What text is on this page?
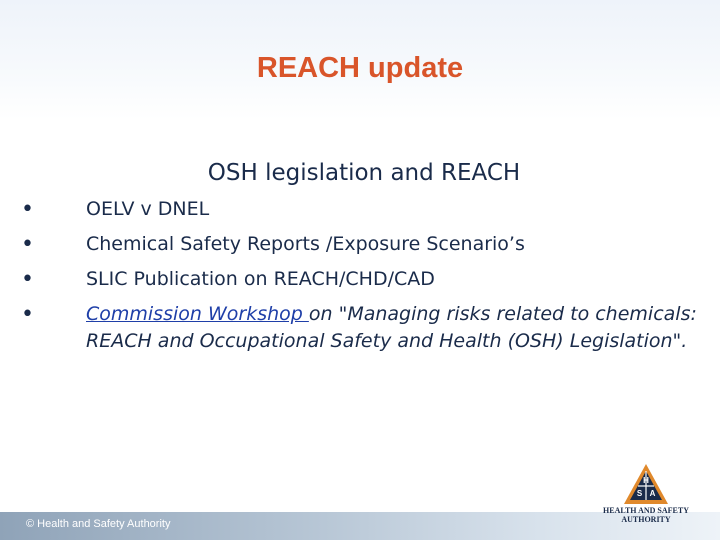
REACH update
OSH legislation and REACH
•	OELV v DNEL
•	Chemical Safety Reports /Exposure Scenario’s
•	SLIC Publication on REACH/CHD/CAD
•	Commission Workshop on "Managing risks related to chemicals: REACH and Occupational Safety and Health (OSH) Legislation".
© Health and Safety Authority
H
S A
HEALTH AND SAFETY
AUTHORITY
